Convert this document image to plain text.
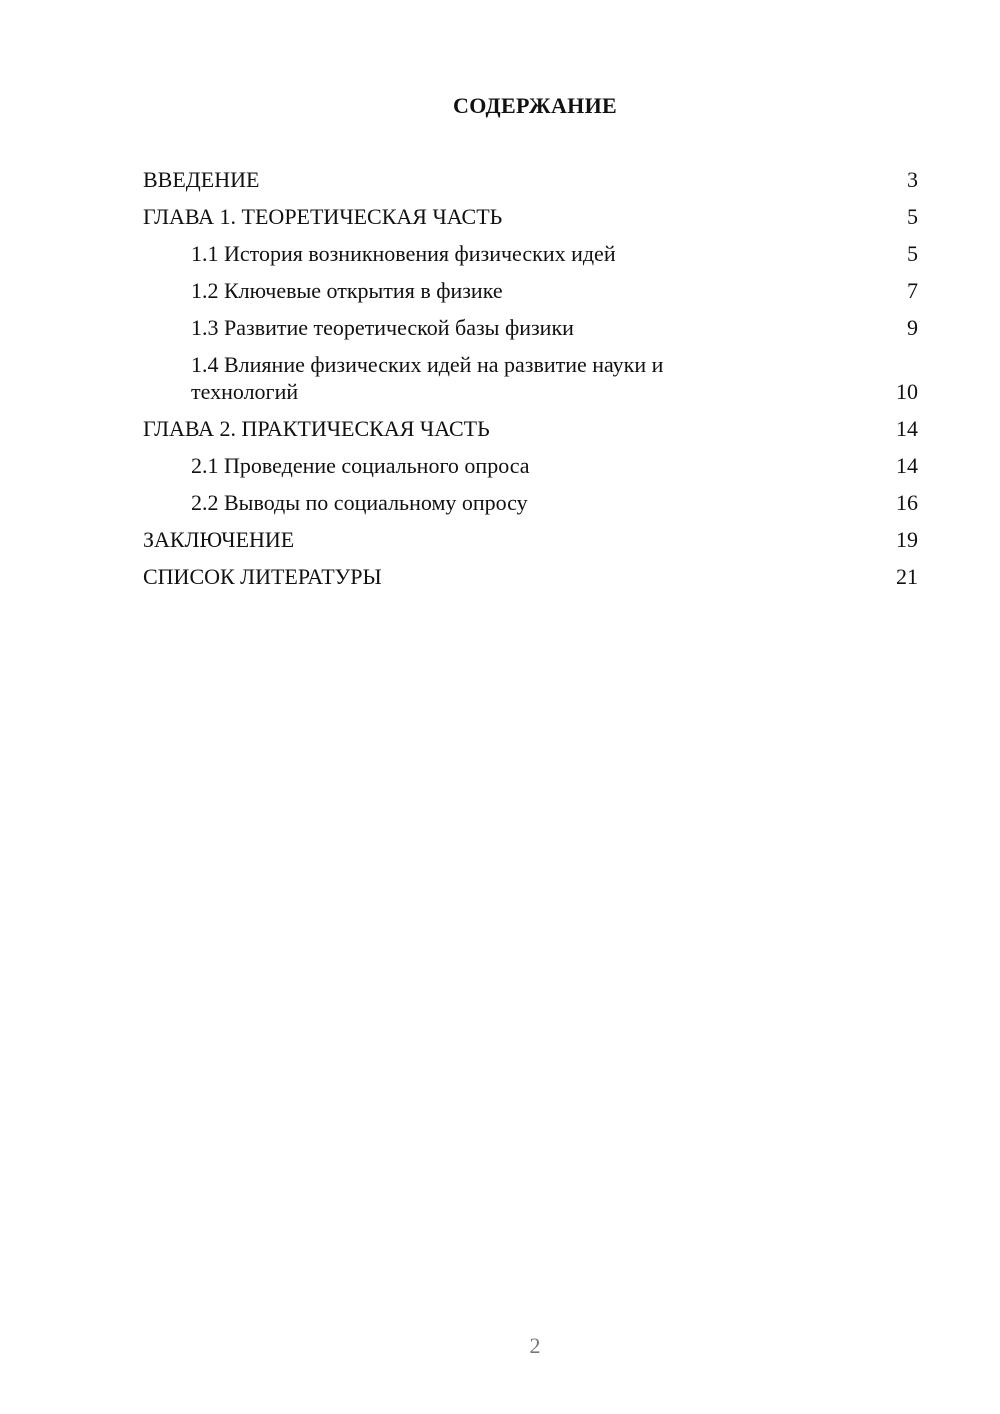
СОДЕРЖАНИЕ
ВВЕДЕНИЕ	3
ГЛАВА 1. ТЕОРЕТИЧЕСКАЯ ЧАСТЬ	5
1.1 История возникновения физических идей	5
1.2 Ключевые открытия в физике	7
1.3 Развитие теоретической базы физики	9
1.4 Влияние физических идей на развитие науки и технологий	10
ГЛАВА 2. ПРАКТИЧЕСКАЯ ЧАСТЬ	14
2.1 Проведение социального опроса	14
2.2 Выводы по социальному опросу	16
ЗАКЛЮЧЕНИЕ	19
СПИСОК ЛИТЕРАТУРЫ	21
2
